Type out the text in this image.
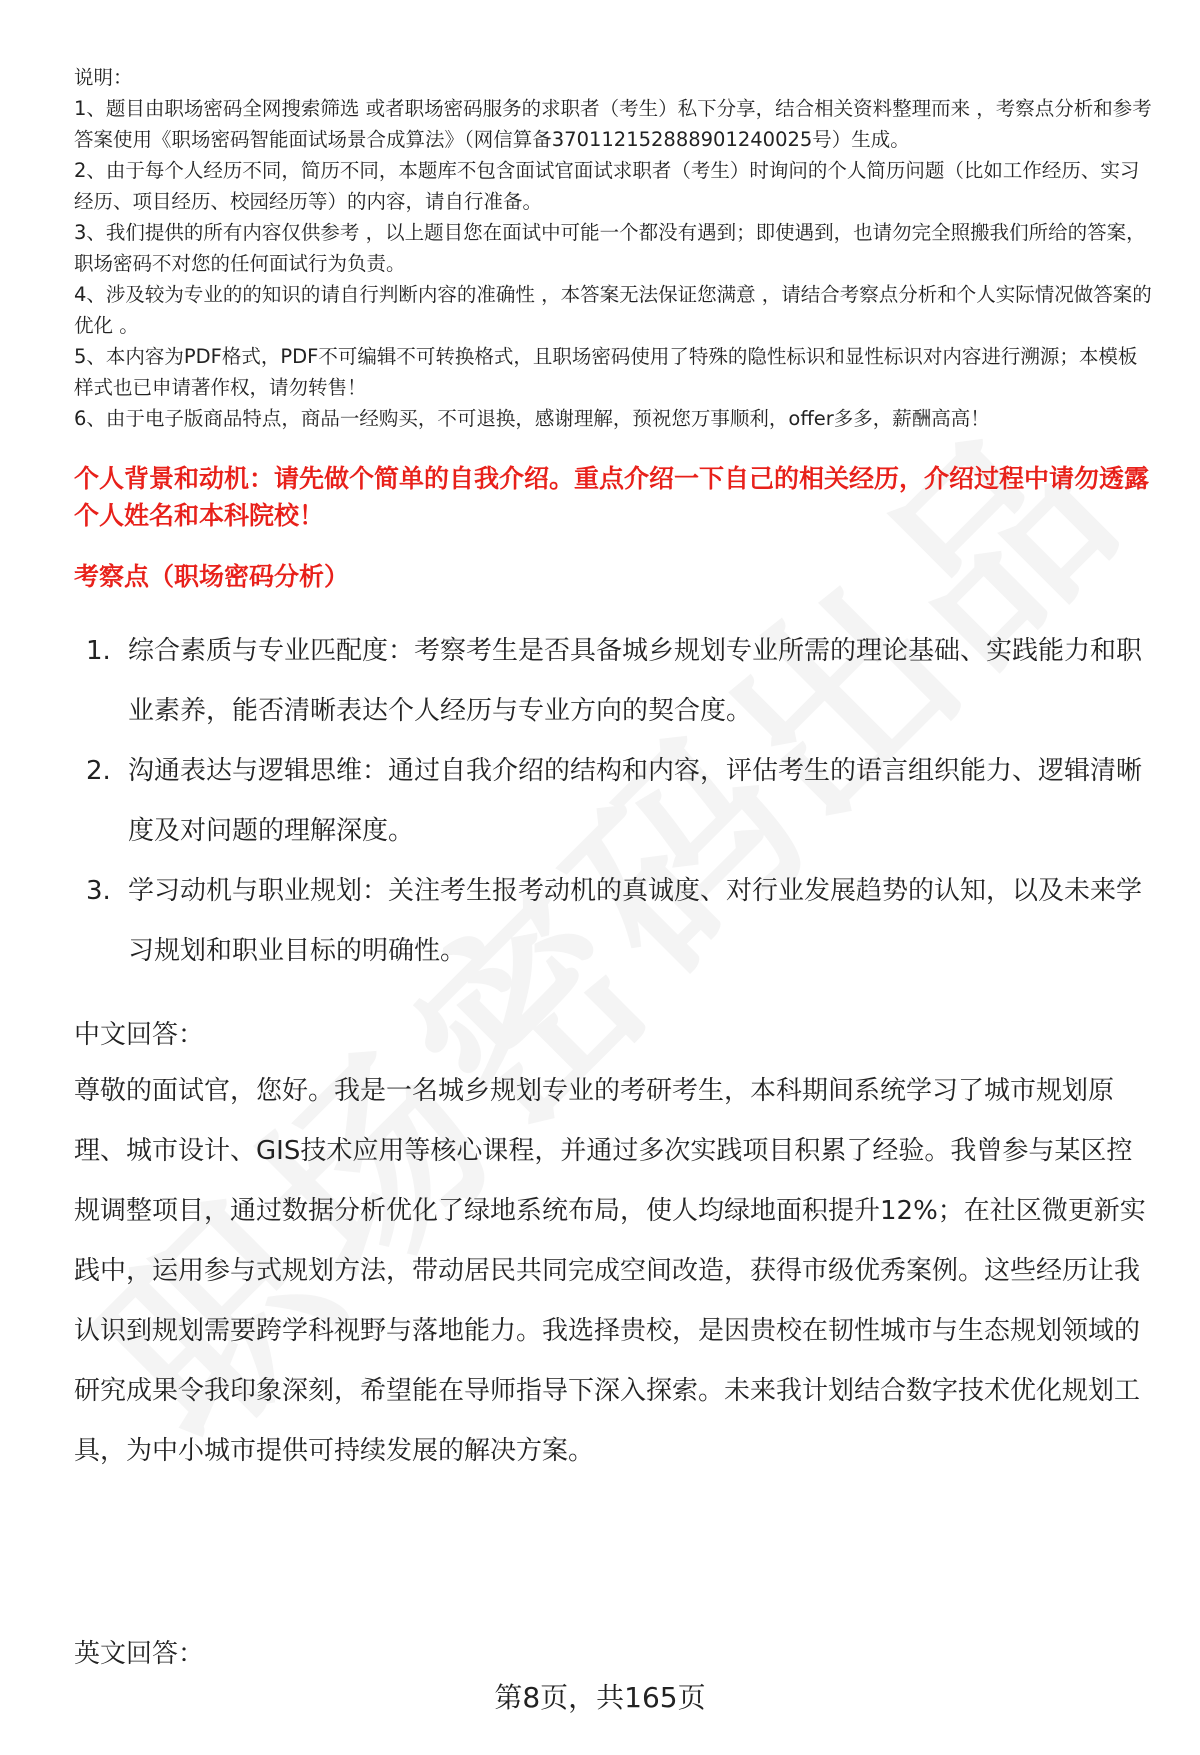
说明：

1、题目由职场密码全网搜索筛选 或者职场密码服务的求职者（考生）私下分享，结合相关资料整理而来 ，考察点分析和参考答案使用《职场密码智能面试场景合成算法》（网信算备370112152888901240025号）生成。

2、由于每个人经历不同，简历不同，本题库不包含面试官面试求职者（考生）时询问的个人简历问题（比如工作经历、实习经历、项目经历、校园经历等）的内容，请自行准备。

3、我们提供的所有内容仅供参考 ，以上题目您在面试中可能一个都没有遇到；即使遇到，也请勿完全照搬我们所给的答案，职场密码不对您的任何面试行为负责。

4、涉及较为专业的的知识的请自行判断内容的准确性 ，本答案无法保证您满意 ，请结合考察点分析和个人实际情况做答案的优化 。

5、本内容为PDF格式，PDF不可编辑不可转换格式，且职场密码使用了特殊的隐性标识和显性标识对内容进行溯源；本模板样式也已申请著作权，请勿转售！

6、由于电子版商品特点，商品一经购买，不可退换，感谢理解，预祝您万事顺利，offer多多，薪酬高高！

个人背景和动机：请先做个简单的自我介绍。重点介绍一下自己的相关经历，介绍过程中请勿透露个人姓名和本科院校！
考察点（职场密码分析）
1. 综合素质与专业匹配度：考察考生是否具备城乡规划专业所需的理论基础、实践能力和职业素养，能否清晰表达个人经历与专业方向的契合度。
2. 沟通表达与逻辑思维：通过自我介绍的结构和内容，评估考生的语言组织能力、逻辑清晰度及对问题的理解深度。
3. 学习动机与职业规划：关注考生报考动机的真诚度、对行业发展趋势的认知，以及未来学习规划和职业目标的明确性。
中文回答：
尊敬的面试官，您好。我是一名城乡规划专业的考研考生，本科期间系统学习了城市规划原理、城市设计、GIS技术应用等核心课程，并通过多次实践项目积累了经验。我曾参与某区控规调整项目，通过数据分析优化了绿地系统布局，使人均绿地面积提升12%；在社区微更新实践中，运用参与式规划方法，带动居民共同完成空间改造，获得市级优秀案例。这些经历让我认识到规划需要跨学科视野与落地能力。我选择贵校，是因贵校在韧性城市与生态规划领域的研究成果令我印象深刻，希望能在导师指导下深入探索。未来我计划结合数字技术优化规划工具，为中小城市提供可持续发展的解决方案。
英文回答：
第8页，共165页
